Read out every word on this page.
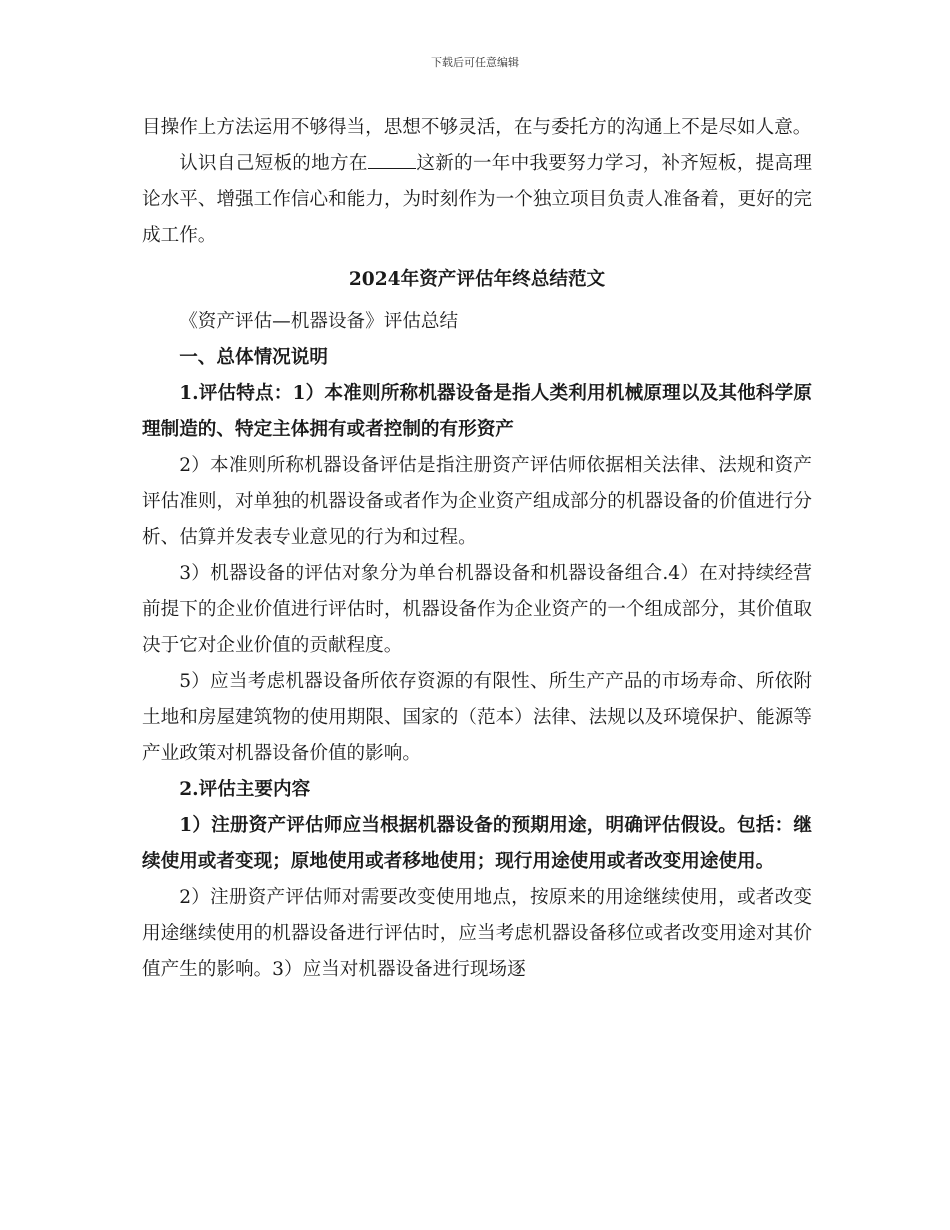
下载后可任意编辑

目操作上方法运用不够得当，思想不够灵活，在与委托方的沟通上不是尽如人意。

认识自己短板的地方在	这新的一年中我要努力学习，补齐短板，提高理论水平、增强工作信心和能力，为时刻作为一个独立项目负责人准备着，更好的完成工作。

2024年资产评估年终总结范文

《资产评估—机器设备》评估总结

一、总体情况说明

1.评估特点：1）本准则所称机器设备是指人类利用机械原理以及其他科学原理制造的、特定主体拥有或者控制的有形资产

2）本准则所称机器设备评估是指注册资产评估师依据相关法律、法规和资产评估准则，对单独的机器设备或者作为企业资产组成部分的机器设备的价值进行分析、估算并发表专业意见的行为和过程。

3）机器设备的评估对象分为单台机器设备和机器设备组合.4）在对持续经营前提下的企业价值进行评估时，机器设备作为企业资产的一个组成部分，其价值取决于它对企业价值的贡献程度。

5）应当考虑机器设备所依存资源的有限性、所生产产品的市场寿命、所依附土地和房屋建筑物的使用期限、国家的（范本）法律、法规以及环境保护、能源等产业政策对机器设备价值的影响。

2.评估主要内容

1）注册资产评估师应当根据机器设备的预期用途，明确评估假设。包括：继续使用或者变现；原地使用或者移地使用；现行用途使用或者改变用途使用。

2）注册资产评估师对需要改变使用地点，按原来的用途继续使用，或者改变用途继续使用的机器设备进行评估时，应当考虑机器设备移位或者改变用途对其价值产生的影响。3）应当对机器设备进行现场逐
